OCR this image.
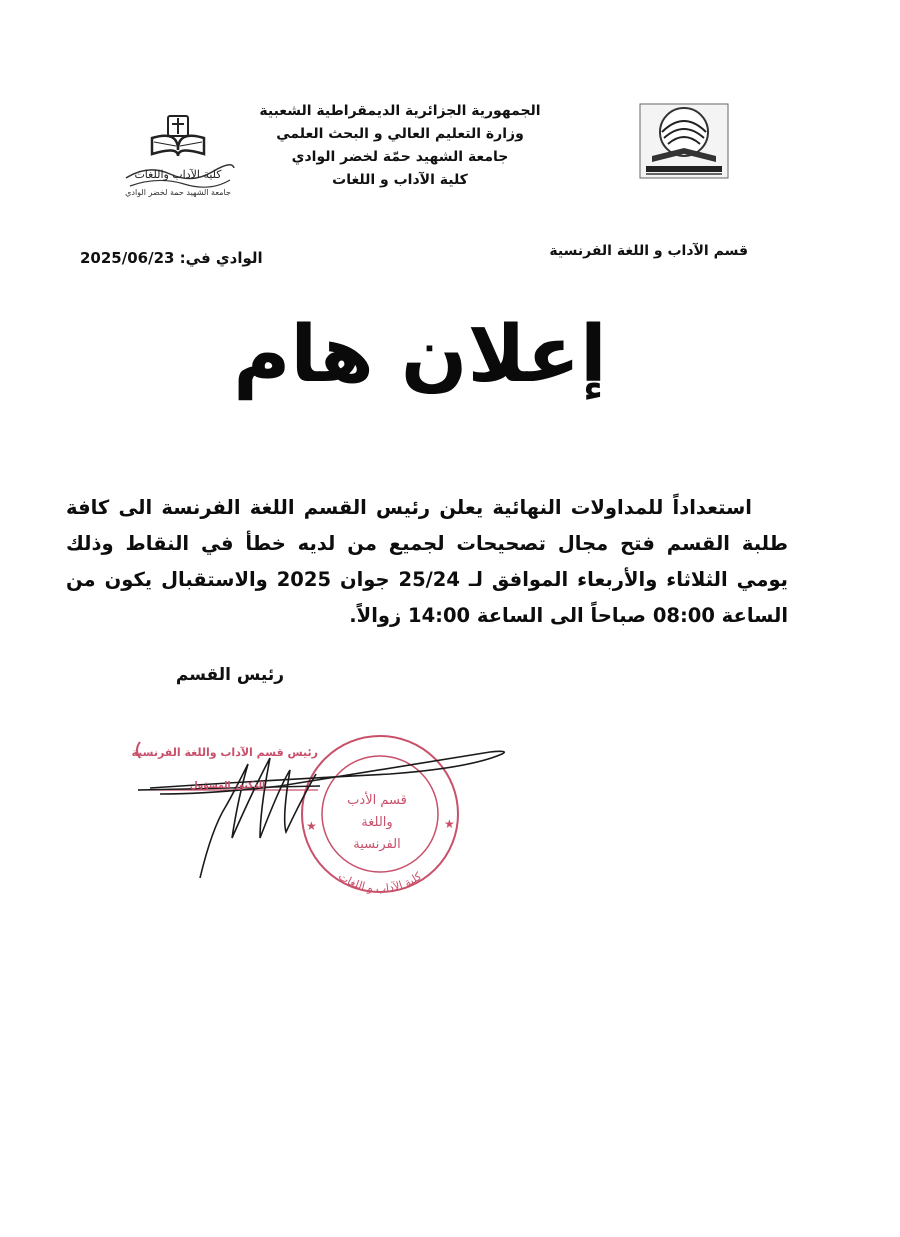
كلية الآداب واللغات
جامعة الشهيد حمة لخضر الوادي
الجمهورية الجزائرية الديمقراطية الشعبية
وزارة التعليم العالي و البحث العلمي
جامعة الشهيد حمّة لخضر الوادي
كلية الآداب و اللغات
قسم الآداب و اللغة الفرنسية
الوادي في: 2025/06/23
إعلان هام
استعداداً للمداولات النهائية يعلن رئيس القسم اللغة الفرنسة الى كافة طلبة القسم فتح مجال تصحيحات لجميع من لديه خطأ في النقاط وذلك يومي الثلاثاء والأربعاء الموافق لـ 25/24 جوان 2025 والاستقبال يكون من الساعة 08:00 صباحاً الى الساعة 14:00 زوالاً.
رئيس القسم
★	★
كلية الآداب و اللغات
رئيس قسم الآداب واللغة الفرنسية
الدكتور المسؤول
قسم الأدب
واللغة
الفرنسية
